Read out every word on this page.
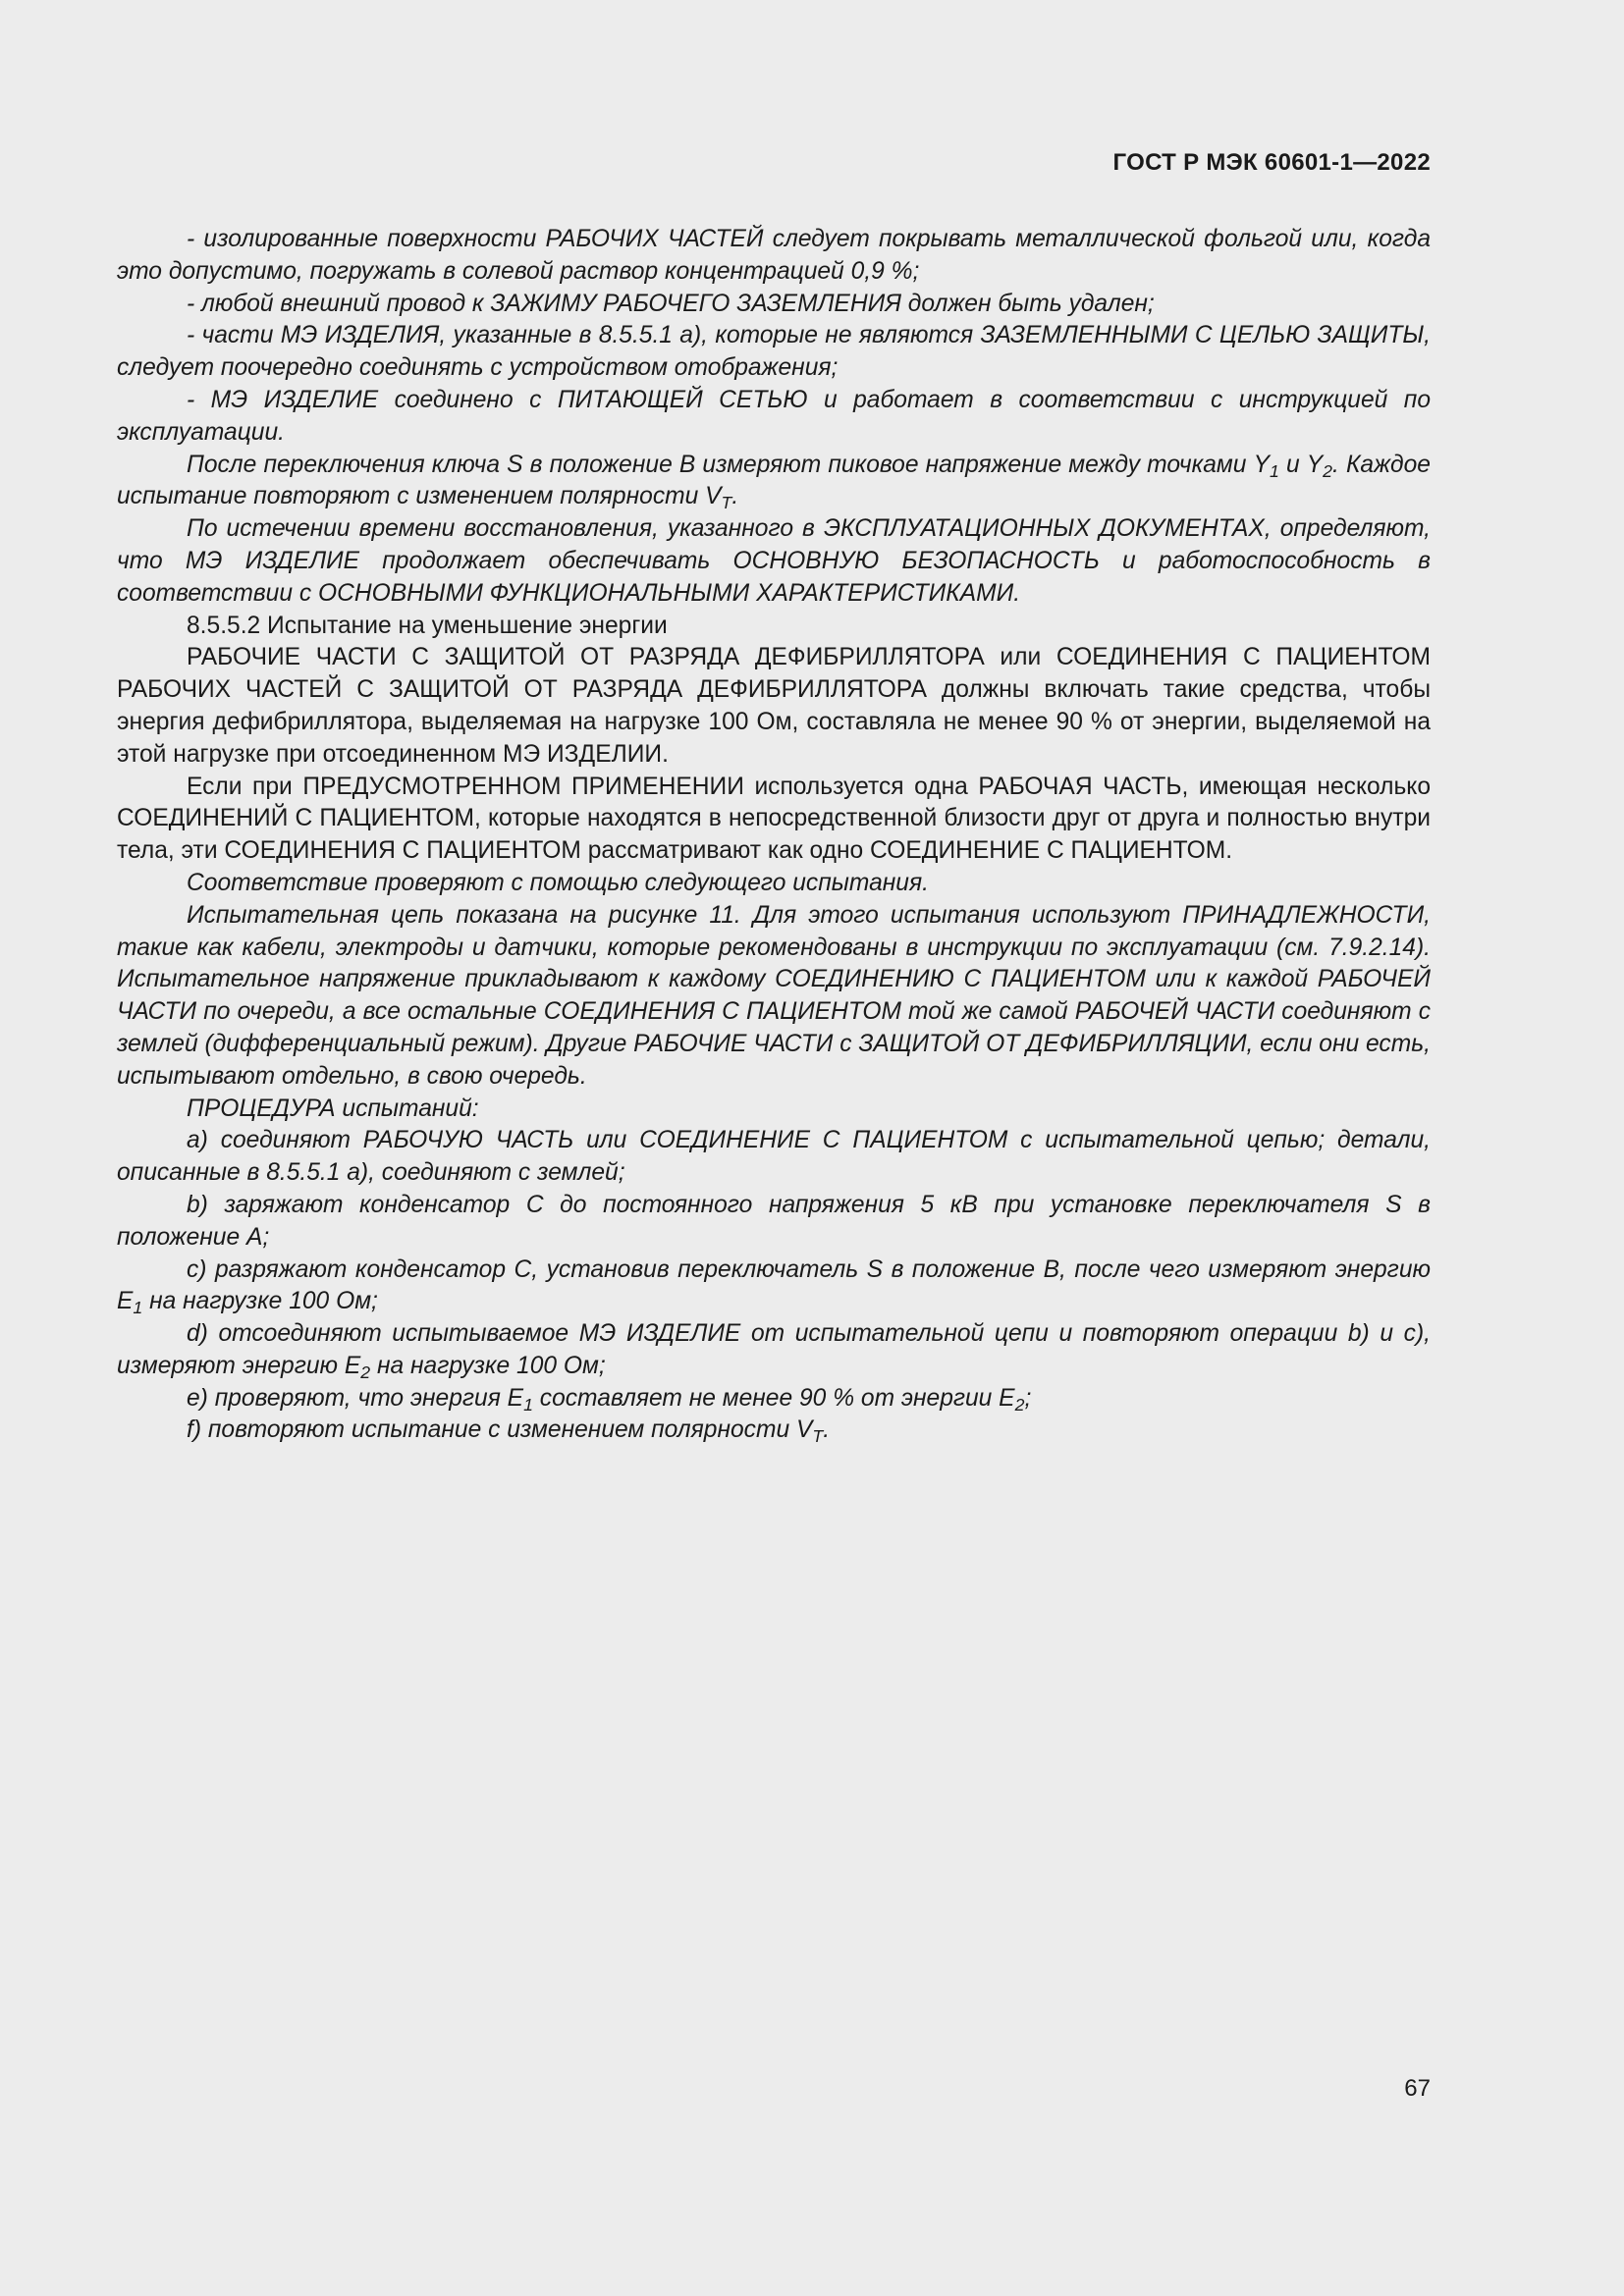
ГОСТ Р МЭК 60601-1—2022

- изолированные поверхности РАБОЧИХ ЧАСТЕЙ следует покрывать металлической фольгой или, когда это допустимо, погружать в солевой раствор концентрацией 0,9 %;

- любой внешний провод к ЗАЖИМУ РАБОЧЕГО ЗАЗЕМЛЕНИЯ должен быть удален;

- части МЭ ИЗДЕЛИЯ, указанные в 8.5.5.1 а), которые не являются ЗАЗЕМЛЕННЫМИ С ЦЕЛЬЮ ЗАЩИТЫ, следует поочередно соединять с устройством отображения;

- МЭ ИЗДЕЛИЕ соединено с ПИТАЮЩЕЙ СЕТЬЮ и работает в соответствии с инструкцией по эксплуатации.

После переключения ключа S в положение В измеряют пиковое напряжение между точками $Y_1$ и $Y_2$. Каждое испытание повторяют с изменением полярности $V_T$.

По истечении времени восстановления, указанного в ЭКСПЛУАТАЦИОННЫХ ДОКУМЕНТАХ, определяют, что МЭ ИЗДЕЛИЕ продолжает обеспечивать ОСНОВНУЮ БЕЗОПАСНОСТЬ и работоспособность в соответствии с ОСНОВНЫМИ ФУНКЦИОНАЛЬНЫМИ ХАРАКТЕРИСТИКАМИ.

8.5.5.2 Испытание на уменьшение энергии

РАБОЧИЕ ЧАСТИ С ЗАЩИТОЙ ОТ РАЗРЯДА ДЕФИБРИЛЛЯТОРА или СОЕДИНЕНИЯ С ПАЦИЕНТОМ РАБОЧИХ ЧАСТЕЙ С ЗАЩИТОЙ ОТ РАЗРЯДА ДЕФИБРИЛЛЯТОРА должны включать такие средства, чтобы энергия дефибриллятора, выделяемая на нагрузке 100 Ом, составляла не менее 90 % от энергии, выделяемой на этой нагрузке при отсоединенном МЭ ИЗДЕЛИИ.

Если при ПРЕДУСМОТРЕННОМ ПРИМЕНЕНИИ используется одна РАБОЧАЯ ЧАСТЬ, имеющая несколько СОЕДИНЕНИЙ С ПАЦИЕНТОМ, которые находятся в непосредственной близости друг от друга и полностью внутри тела, эти СОЕДИНЕНИЯ С ПАЦИЕНТОМ рассматривают как одно СОЕДИНЕНИЕ С ПАЦИЕНТОМ.

Соответствие проверяют с помощью следующего испытания.

Испытательная цепь показана на рисунке 11. Для этого испытания используют ПРИНАДЛЕЖНОСТИ, такие как кабели, электроды и датчики, которые рекомендованы в инструкции по эксплуатации (см. 7.9.2.14). Испытательное напряжение прикладывают к каждому СОЕДИНЕНИЮ С ПАЦИЕНТОМ или к каждой РАБОЧЕЙ ЧАСТИ по очереди, а все остальные СОЕДИНЕНИЯ С ПАЦИЕНТОМ той же самой РАБОЧЕЙ ЧАСТИ соединяют с землей (дифференциальный режим). Другие РАБОЧИЕ ЧАСТИ с ЗАЩИТОЙ ОТ ДЕФИБРИЛЛЯЦИИ, если они есть, испытывают отдельно, в свою очередь.

ПРОЦЕДУРА испытаний:

a) соединяют РАБОЧУЮ ЧАСТЬ или СОЕДИНЕНИЕ С ПАЦИЕНТОМ с испытательной цепью; детали, описанные в 8.5.5.1 а), соединяют с землей;

b) заряжают конденсатор С до постоянного напряжения 5 кВ при установке переключателя S в положение А;

c) разряжают конденсатор С, установив переключатель S в положение В, после чего измеряют энергию $Е_1$ на нагрузке 100 Ом;

d) отсоединяют испытываемое МЭ ИЗДЕЛИЕ от испытательной цепи и повторяют операции b) и c), измеряют энергию $Е_2$ на нагрузке 100 Ом;

e) проверяют, что энергия $Е_1$ составляет не менее 90 % от энергии $Е_2$;

f) повторяют испытание с изменением полярности $V_T$.

67
